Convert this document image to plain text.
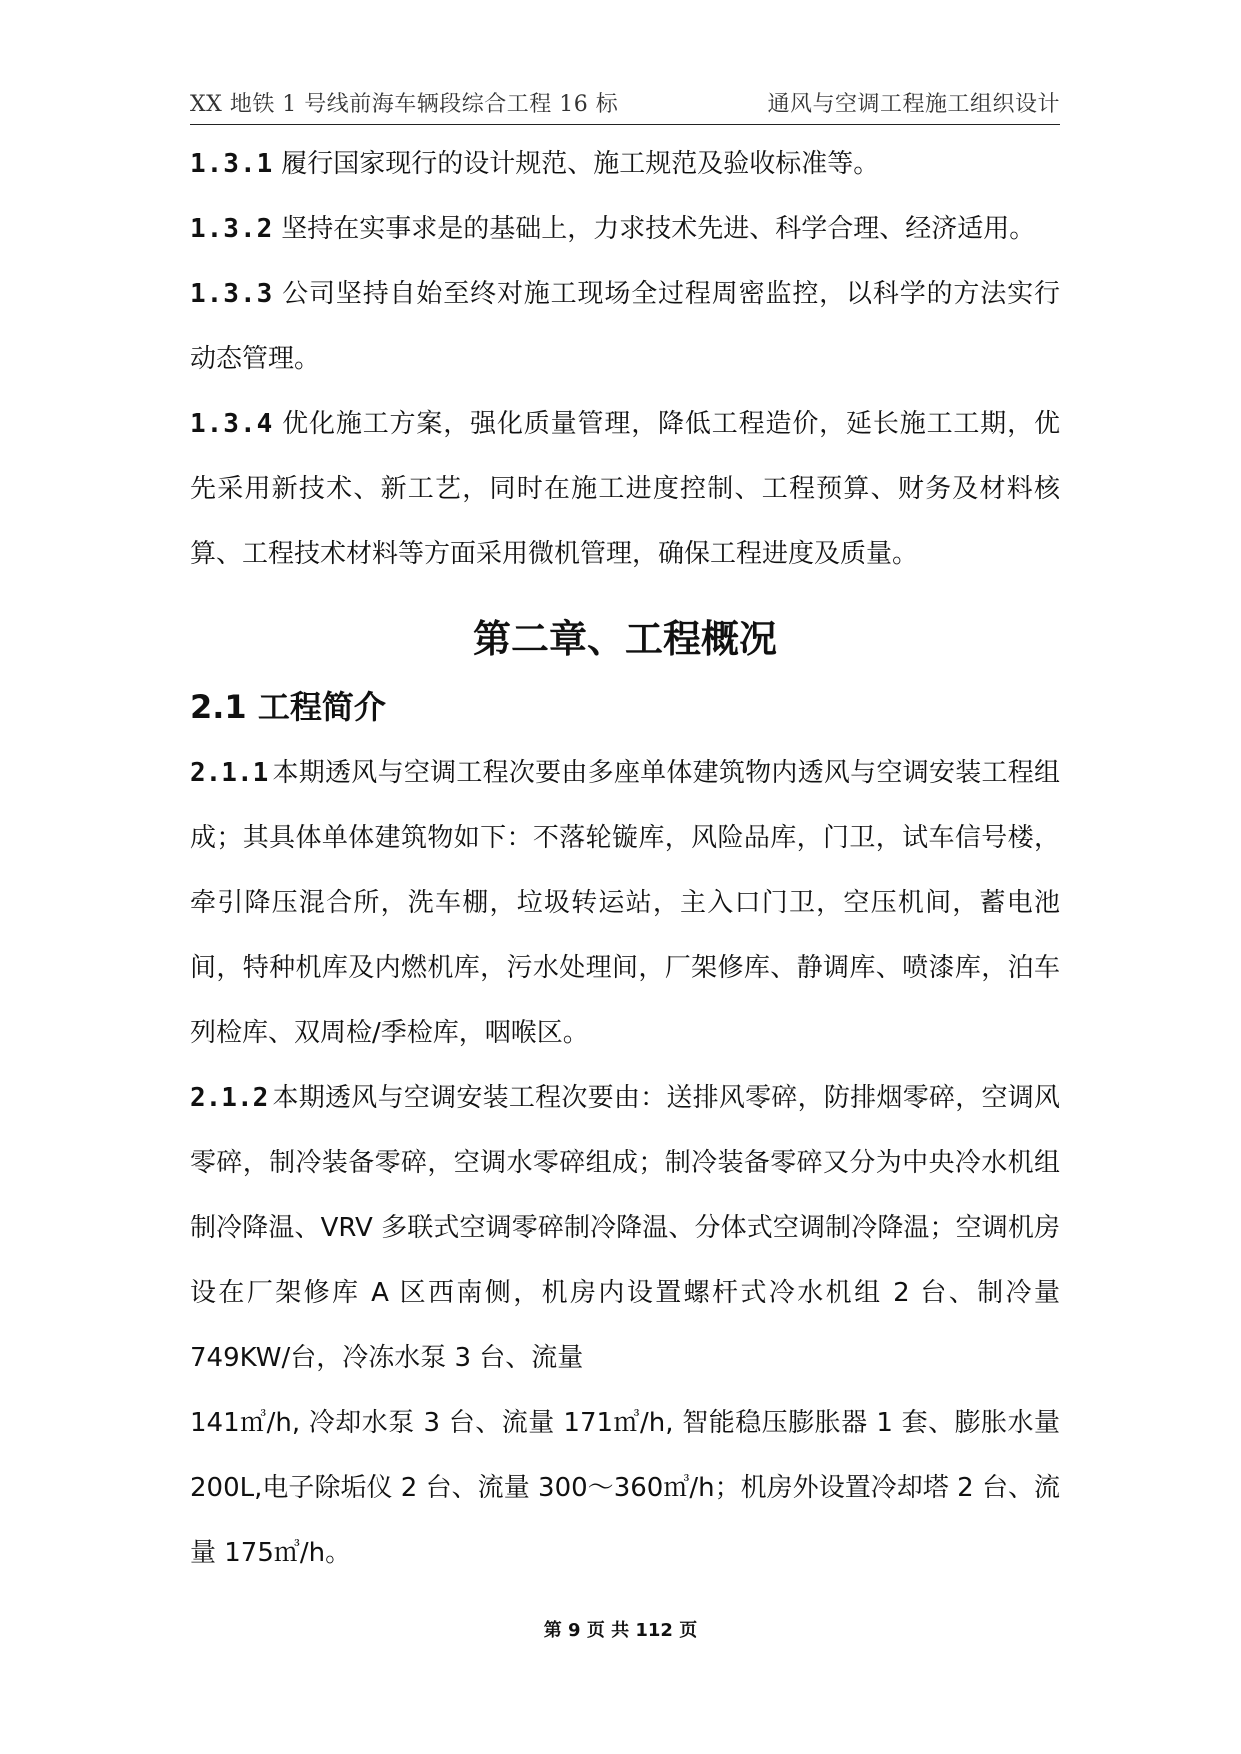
XX 地铁 1 号线前海车辆段综合工程 16 标	通风与空调工程施工组织设计

1.3.1 履行国家现行的设计规范、施工规范及验收标准等。

1.3.2 坚持在实事求是的基础上，力求技术先进、科学合理、经济适用。

1.3.3 公司坚持自始至终对施工现场全过程周密监控，以科学的方法实行动态管理。

1.3.4 优化施工方案，强化质量管理，降低工程造价，延长施工工期，优先采用新技术、新工艺，同时在施工进度控制、工程预算、财务及材料核算、工程技术材料等方面采用微机管理，确保工程进度及质量。

第二章、工程概况
2.1 工程简介

2.1.1 本期透风与空调工程次要由多座单体建筑物内透风与空调安装工程组成；其具体单体建筑物如下：不落轮镟库，风险品库，门卫，试车信号楼，牵引降压混合所，洗车棚，垃圾转运站，主入口门卫，空压机间，蓄电池间，特种机库及内燃机库，污水处理间，厂架修库、静调库、喷漆库，泊车列检库、双周检/季检库，咽喉区。

2.1.2 本期透风与空调安装工程次要由：送排风零碎，防排烟零碎，空调风零碎，制冷装备零碎，空调水零碎组成；制冷装备零碎又分为中央冷水机组制冷降温、VRV 多联式空调零碎制冷降温、分体式空调制冷降温；空调机房设在厂架修库 A 区西南侧，机房内设置螺杆式冷水机组 2 台、制冷量 749KW/台，冷冻水泵 3 台、流量

141㎥/h, 冷却水泵 3 台、流量 171㎥/h, 智能稳压膨胀器 1 套、膨胀水量 200L,电子除垢仪 2 台、流量 300～360㎥/h；机房外设置冷却塔 2 台、流量 175㎥/h。

第 9 页 共 112 页
